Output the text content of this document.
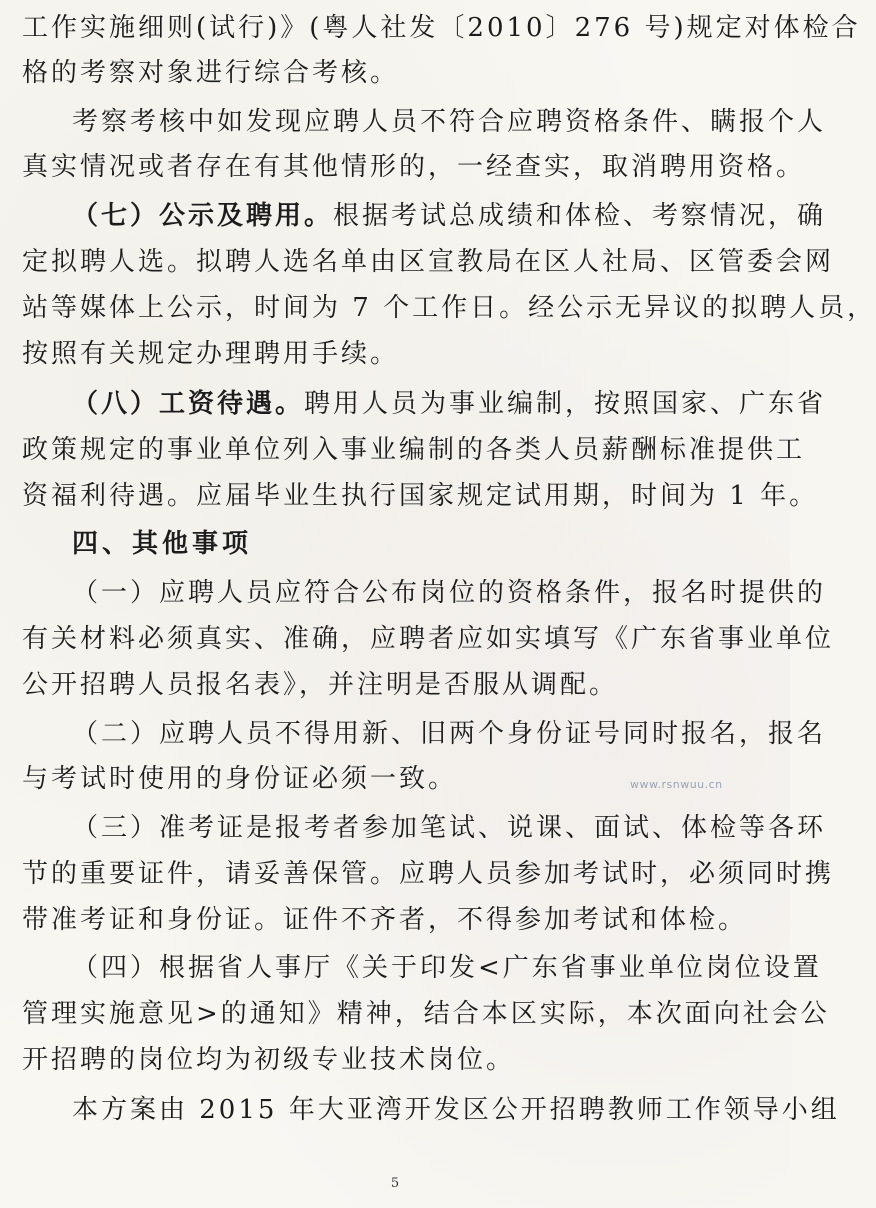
工作实施细则(试行)》(粤人社发〔2010〕276 号)规定对体检合
格的考察对象进行综合考核。
考察考核中如发现应聘人员不符合应聘资格条件、瞒报个人
真实情况或者存在有其他情形的，一经查实，取消聘用资格。
（七）公示及聘用。根据考试总成绩和体检、考察情况，确
定拟聘人选。拟聘人选名单由区宣教局在区人社局、区管委会网
站等媒体上公示，时间为 7 个工作日。经公示无异议的拟聘人员，
按照有关规定办理聘用手续。
（八）工资待遇。聘用人员为事业编制，按照国家、广东省
政策规定的事业单位列入事业编制的各类人员薪酬标准提供工
资福利待遇。应届毕业生执行国家规定试用期，时间为 1 年。
四、其他事项
（一）应聘人员应符合公布岗位的资格条件，报名时提供的
有关材料必须真实、准确，应聘者应如实填写《广东省事业单位
公开招聘人员报名表》，并注明是否服从调配。
（二）应聘人员不得用新、旧两个身份证号同时报名，报名
与考试时使用的身份证必须一致。
（三）准考证是报考者参加笔试、说课、面试、体检等各环
节的重要证件，请妥善保管。应聘人员参加考试时，必须同时携
带准考证和身份证。证件不齐者，不得参加考试和体检。
（四）根据省人事厅《关于印发<广东省事业单位岗位设置
管理实施意见>的通知》精神，结合本区实际，本次面向社会公
开招聘的岗位均为初级专业技术岗位。
本方案由 2015 年大亚湾开发区公开招聘教师工作领导小组
www.rsnwuu.cn
5
